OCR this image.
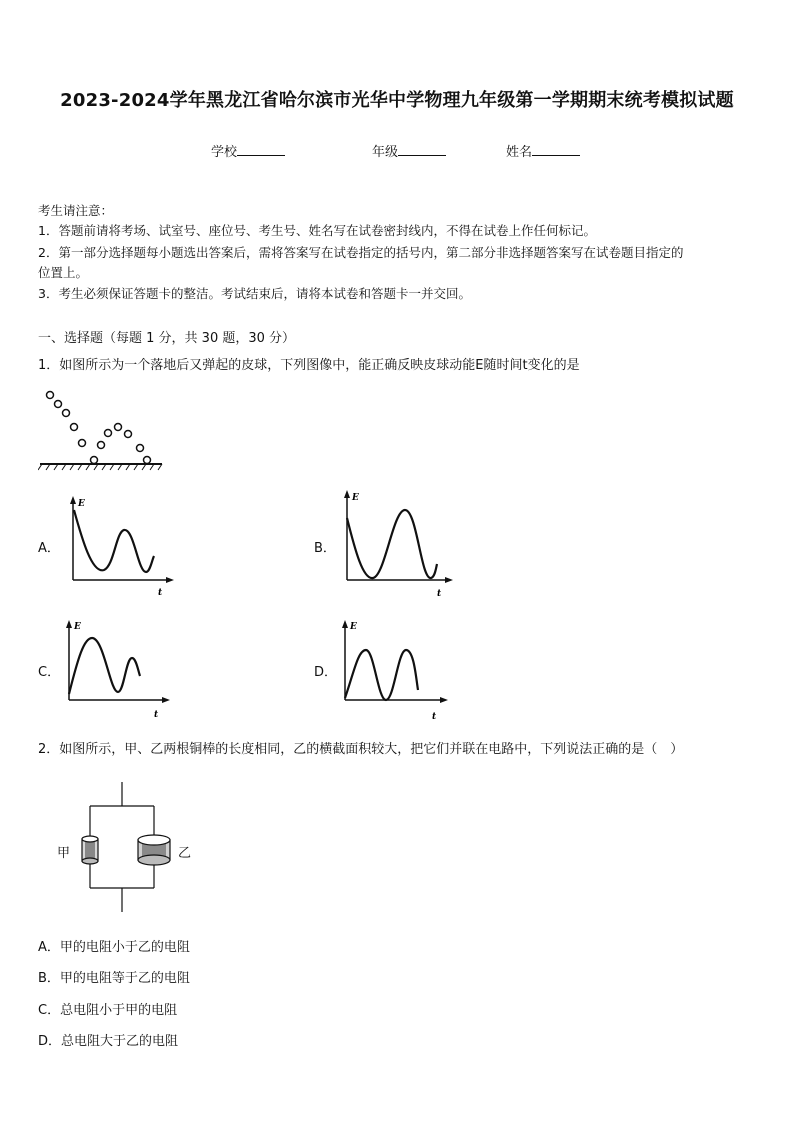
2023-2024学年黑龙江省哈尔滨市光华中学物理九年级第一学期期末统考模拟试题
学校	年级	姓名
考生请注意：
1．答题前请将考场、试室号、座位号、考生号、姓名写在试卷密封线内，不得在试卷上作任何标记。
2．第一部分选择题每小题选出答案后，需将答案写在试卷指定的括号内，第二部分非选择题答案写在试卷题目指定的
位置上。
3．考生必须保证答题卡的整洁。考试结束后，请将本试卷和答题卡一并交回。
一、选择题（每题 1 分，共 30 题，30 分）
1．如图所示为一个落地后又弹起的皮球，下列图像中，能正确反映皮球动能E随时间t变化的是
A．	B．
C．	D．
E
t
E
t
E
t
E
t
2．如图所示，甲、乙两根铜棒的长度相同，乙的横截面积较大，把它们并联在电路中，下列说法正确的是（　）
甲	乙
A．甲的电阻小于乙的电阻
B．甲的电阻等于乙的电阻
C．总电阻小于甲的电阻
D．总电阻大于乙的电阻
